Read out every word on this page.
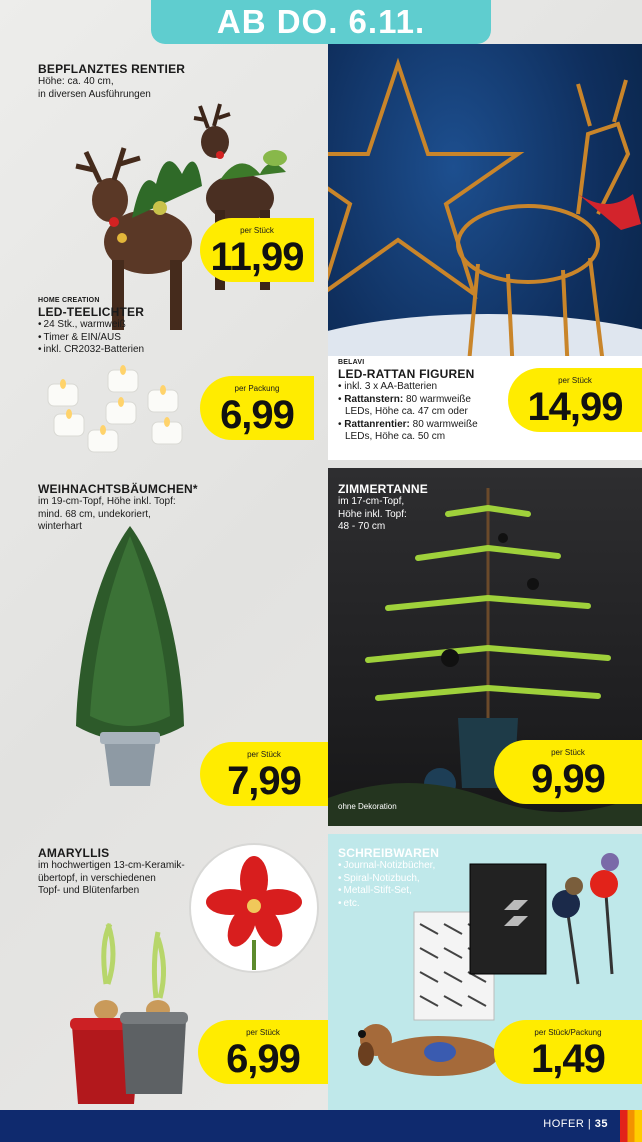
AB DO. 6.11.
BEPFLANZTES RENTIER
Höhe: ca. 40 cm,
in diversen Ausführungen
per Stück
11,99
HOME CREATION
LED-TEELICHTER
• 24 Stk., warmweiß
• Timer & EIN/AUS
• inkl. CR2032-Batterien
per Packung
6,99
BELAVI
LED-RATTAN FIGUREN
• inkl. 3 x AA-Batterien
• Rattanstern: 80 warmweiße
LEDs, Höhe ca. 47 cm oder
• Rattanrentier: 80 warmweiße
LEDs, Höhe ca. 50 cm
per Stück
14,99
WEIHNACHTSBÄUMCHEN*
im 19-cm-Topf, Höhe inkl. Topf:
mind. 68 cm, undekoriert,
winterhart
per Stück
7,99
ZIMMERTANNE
im 17-cm-Topf,
Höhe inkl. Topf:
48 - 70 cm
ohne Dekoration
per Stück
9,99
AMARYLLIS
im hochwertigen 13-cm-Keramik-
übertopf, in verschiedenen
Topf- und Blütenfarben
per Stück
6,99
SCHREIBWAREN
• Journal-Notizbücher,
• Spiral-Notizbuch,
• Metall-Stift-Set,
• etc.
per Stück/Packung
1,49
HOFER | 35
